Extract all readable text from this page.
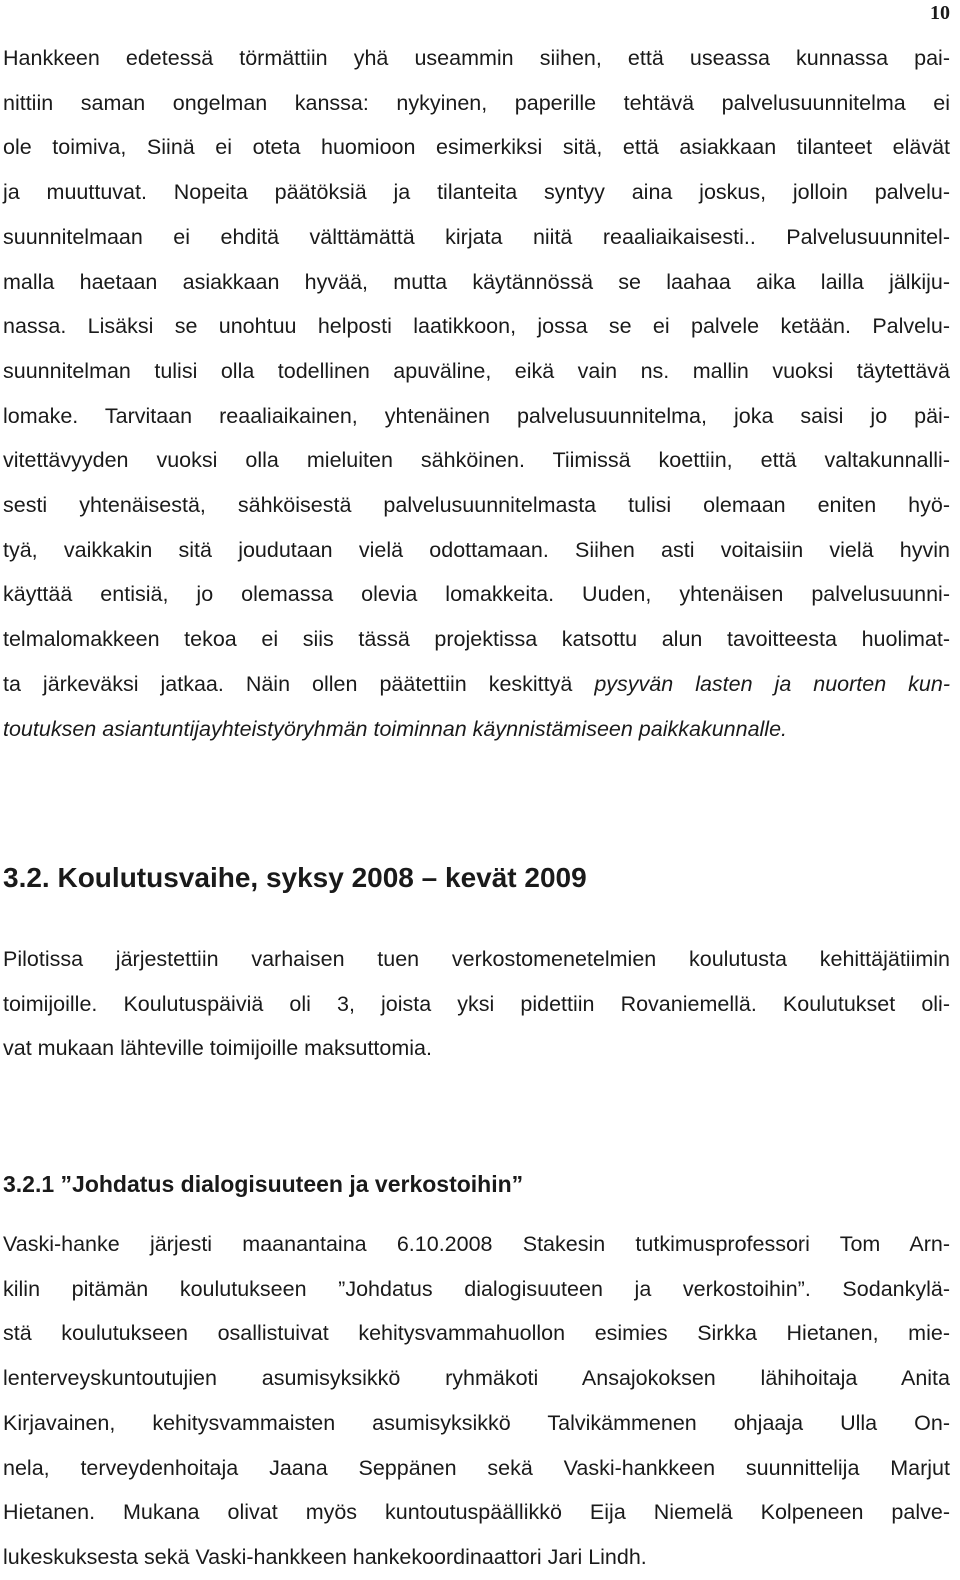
10
Hankkeen edetessä törmättiin yhä useammin siihen, että useassa kunnassa pai-
nittiin saman ongelman kanssa: nykyinen, paperille tehtävä palvelusuunnitelma ei
ole toimiva, Siinä ei oteta huomioon esimerkiksi sitä, että asiakkaan tilanteet elävät
ja muuttuvat. Nopeita päätöksiä ja tilanteita syntyy aina joskus, jolloin palvelu-
suunnitelmaan ei ehditä välttämättä kirjata niitä reaaliaikaisesti.. Palvelusuunnitel-
malla haetaan asiakkaan hyvää, mutta käytännössä se laahaa aika lailla jälkiju-
nassa. Lisäksi se unohtuu helposti laatikkoon, jossa se ei palvele ketään. Palvelu-
suunnitelman tulisi olla todellinen apuväline, eikä vain ns. mallin vuoksi täytettävä
lomake. Tarvitaan reaaliaikainen, yhtenäinen palvelusuunnitelma, joka saisi jo päi-
vitettävyyden vuoksi olla mieluiten sähköinen. Tiimissä koettiin, että valtakunnalli-
sesti yhtenäisestä, sähköisestä palvelusuunnitelmasta tulisi olemaan eniten hyö-
tyä, vaikkakin sitä joudutaan vielä odottamaan. Siihen asti voitaisiin vielä hyvin
käyttää entisiä, jo olemassa olevia lomakkeita. Uuden, yhtenäisen palvelusuunni-
telmalomakkeen tekoa ei siis tässä projektissa katsottu alun tavoitteesta huolimat-
ta järkeväksi jatkaa. Näin ollen päätettiin keskittyä pysyvän lasten ja nuorten kun-
toutuksen asiantuntijayhteistyöryhmän toiminnan käynnistämiseen paikkakunnalle.
3.2. Koulutusvaihe, syksy 2008 – kevät 2009
Pilotissa järjestettiin varhaisen tuen verkostomenetelmien koulutusta kehittäjätiimin
toimijoille. Koulutuspäiviä oli 3, joista yksi pidettiin Rovaniemellä. Koulutukset oli-
vat mukaan lähteville toimijoille maksuttomia.
3.2.1 ”Johdatus dialogisuuteen ja verkostoihin”
Vaski-hanke järjesti maanantaina 6.10.2008 Stakesin tutkimusprofessori Tom Arn-
kilin pitämän koulutukseen ”Johdatus dialogisuuteen ja verkostoihin”. Sodankylä-
stä koulutukseen osallistuivat kehitysvammahuollon esimies Sirkka Hietanen, mie-
lenterveyskuntoutujien asumisyksikkö ryhmäkoti Ansajokoksen lähihoitaja Anita
Kirjavainen, kehitysvammaisten asumisyksikkö Talvikämmenen ohjaaja Ulla On-
nela, terveydenhoitaja Jaana Seppänen sekä Vaski-hankkeen suunnittelija Marjut
Hietanen. Mukana olivat myös kuntoutuspäällikkö Eija Niemelä Kolpeneen palve-
lukeskuksesta sekä Vaski-hankkeen hankekoordinaattori Jari Lindh.
